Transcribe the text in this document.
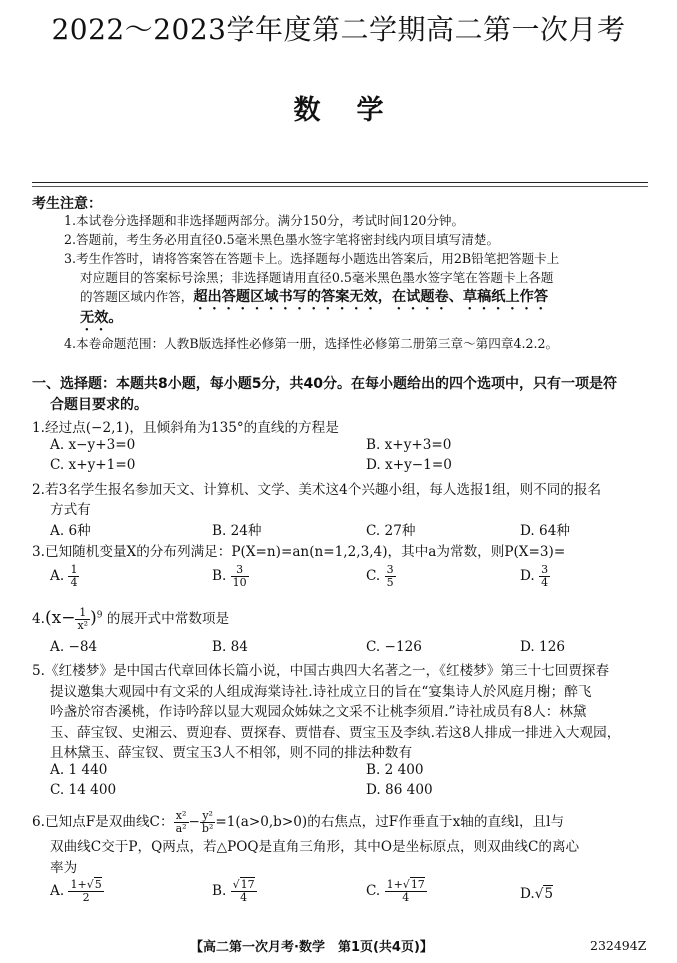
2022～2023学年度第二学期高二第一次月考
数学
考生注意：
1.本试卷分选择题和非选择题两部分。满分150分，考试时间120分钟。
2.答题前，考生务必用直径0.5毫米黑色墨水签字笔将密封线内项目填写清楚。
3.考生作答时，请将答案答在答题卡上。选择题每小题选出答案后，用2B铅笔把答题卡上
对应题目的答案标号涂黑；非选择题请用直径0.5毫米黑色墨水签字笔在答题卡上各题
的答题区域内作答，超出答题区域书写的答案无效，在试题卷、草稿纸上作答
无效。
4.本卷命题范围：人教B版选择性必修第一册，选择性必修第二册第三章～第四章4.2.2。
一、选择题：本题共8小题，每小题5分，共40分。在每小题给出的四个选项中，只有一项是符
合题目要求的。
1.经过点(−2,1)，且倾斜角为135°的直线的方程是
A. x−y+3=0	B. x+y+3=0
C. x+y+1=0	D. x+y−1=0
2.若3名学生报名参加天文、计算机、文学、美术这4个兴趣小组，每人选报1组，则不同的报名
方式有
A. 6种	B. 24种	C. 27种	D. 64种
3.已知随机变量X的分布列满足：P(X=n)=an(n=1,2,3,4)，其中a为常数，则P(X=3)=
A. $\frac{1}{4}$	B. $\frac{3}{10}$	C. $\frac{3}{5}$	D. $\frac{3}{4}$
$4.(x- \frac{1}{\text{x²}} )^9$ 的展开式中常数项是
A. −84	B. 84	C. −126	D. 126
5.《红楼梦》是中国古代章回体长篇小说，中国古典四大名著之一，《红楼梦》第三十七回贾探春
提议邀集大观园中有文采的人组成海棠诗社.诗社成立日的旨在“宴集诗人於风庭月榭；醉飞
吟盏於帘杏溪桃，作诗吟辞以显大观园众姊妹之文采不让桃李须眉.”诗社成员有8人：林黛
玉、薛宝钗、史湘云、贾迎春、贾探春、贾惜春、贾宝玉及李纨.若这8人排成一排进入大观园，
且林黛玉、薛宝钗、贾宝玉3人不相邻，则不同的排法种数有
A. 1 440	B. 2 400
C. 14 400	D. 86 400
6.已知点F是双曲线C： $\frac{\text{x²}}{\text{a²}} - \frac{\text{y²}}{\text{b²}} =1(a>0,b>0)$的右焦点，过F作垂直于x轴的直线l，且l与
双曲线C交于P，Q两点，若△POQ是直角三角形，其中O是坐标原点，则双曲线C的离心
率为
A. $\frac{1+√5}{2}$	B. $\frac{√17}{4}$	C. $\frac{1+√17}{4}$	D.√5
【高二第一次月考·数学　第1页(共4页)】	232494Z
